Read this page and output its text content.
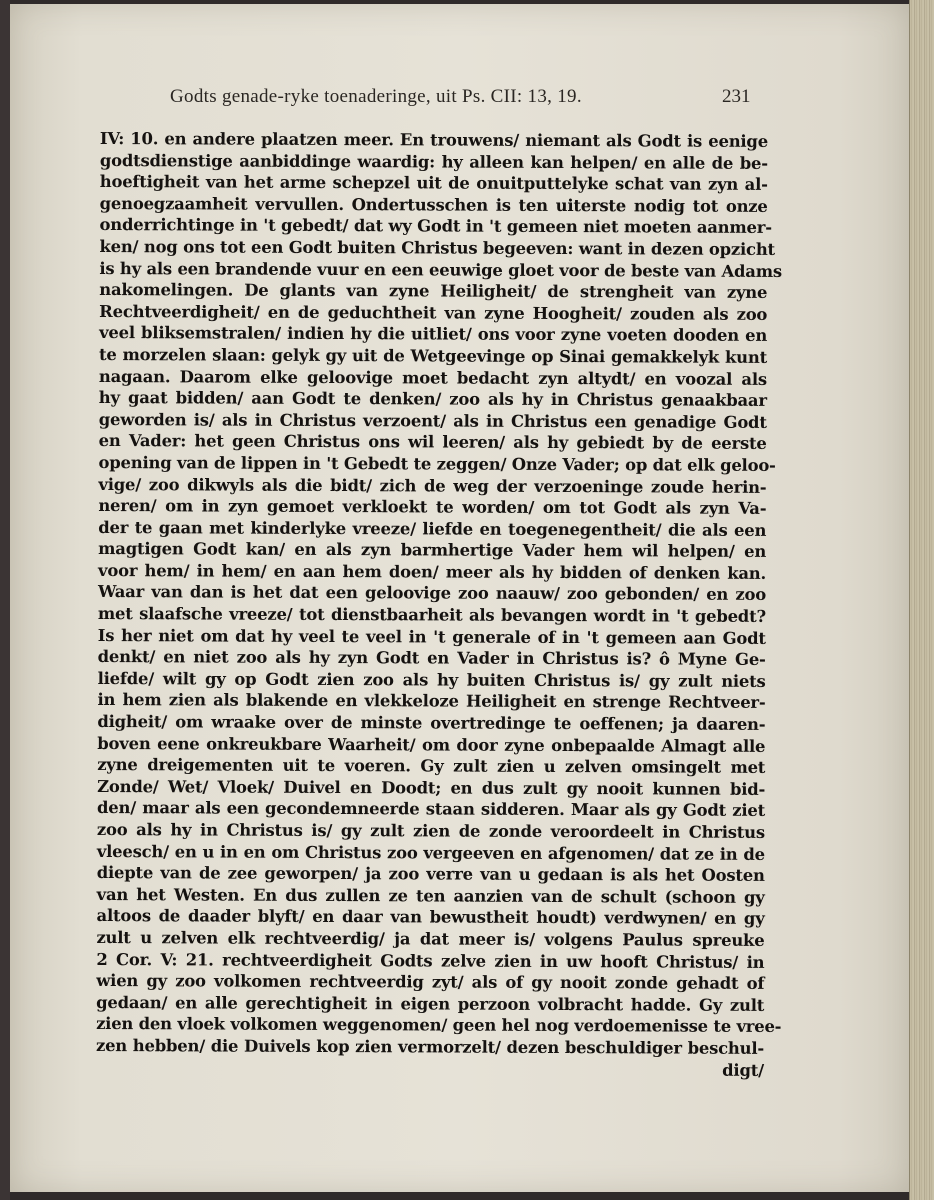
Godts genade-ryke toenaderinge, uit Ps. CII: 13, 19.	231
IV: 10. en andere plaatzen meer. En trouwens/ niemant als Godt is eenige
godtsdienstige aanbiddinge waardig: hy alleen kan helpen/ en alle de be-
hoeftigheit van het arme schepzel uit de onuitputtelyke schat van zyn al-
genoegzaamheit vervullen. Ondertusschen is ten uiterste nodig tot onze
onderrichtinge in 't gebedt/ dat wy Godt in 't gemeen niet moeten aanmer-
ken/ nog ons tot een Godt buiten Christus begeeven: want in dezen opzicht
is hy als een brandende vuur en een eeuwige gloet voor de beste van Adams
nakomelingen. De glants van zyne Heiligheit/ de strengheit van zyne
Rechtveerdigheit/ en de geduchtheit van zyne Hoogheit/ zouden als zoo
veel bliksemstralen/ indien hy die uitliet/ ons voor zyne voeten dooden en
te morzelen slaan: gelyk gy uit de Wetgeevinge op Sinai gemakkelyk kunt
nagaan. Daarom elke geloovige moet bedacht zyn altydt/ en voozal als
hy gaat bidden/ aan Godt te denken/ zoo als hy in Christus genaakbaar
geworden is/ als in Christus verzoent/ als in Christus een genadige Godt
en Vader: het geen Christus ons wil leeren/ als hy gebiedt by de eerste
opening van de lippen in 't Gebedt te zeggen/ Onze Vader; op dat elk geloo-
vige/ zoo dikwyls als die bidt/ zich de weg der verzoeninge zoude herin-
neren/ om in zyn gemoet verkloekt te worden/ om tot Godt als zyn Va-
der te gaan met kinderlyke vreeze/ liefde en toegenegentheit/ die als een
magtigen Godt kan/ en als zyn barmhertige Vader hem wil helpen/ en
voor hem/ in hem/ en aan hem doen/ meer als hy bidden of denken kan.
Waar van dan is het dat een geloovige zoo naauw/ zoo gebonden/ en zoo
met slaafsche vreeze/ tot dienstbaarheit als bevangen wordt in 't gebedt?
Is her niet om dat hy veel te veel in 't generale of in 't gemeen aan Godt
denkt/ en niet zoo als hy zyn Godt en Vader in Christus is? ô Myne Ge-
liefde/ wilt gy op Godt zien zoo als hy buiten Christus is/ gy zult niets
in hem zien als blakende en vlekkeloze Heiligheit en strenge Rechtveer-
digheit/ om wraake over de minste overtredinge te oeffenen; ja daaren-
boven eene onkreukbare Waarheit/ om door zyne onbepaalde Almagt alle
zyne dreigementen uit te voeren. Gy zult zien u zelven omsingelt met
Zonde/ Wet/ Vloek/ Duivel en Doodt; en dus zult gy nooit kunnen bid-
den/ maar als een gecondemneerde staan sidderen. Maar als gy Godt ziet
zoo als hy in Christus is/ gy zult zien de zonde veroordeelt in Christus
vleesch/ en u in en om Christus zoo vergeeven en afgenomen/ dat ze in de
diepte van de zee geworpen/ ja zoo verre van u gedaan is als het Oosten
van het Westen. En dus zullen ze ten aanzien van de schult (schoon gy
altoos de daader blyft/ en daar van bewustheit houdt) verdwynen/ en gy
zult u zelven elk rechtveerdig/ ja dat meer is/ volgens Paulus spreuke
2 Cor. V: 21. rechtveerdigheit Godts zelve zien in uw hooft Christus/ in
wien gy zoo volkomen rechtveerdig zyt/ als of gy nooit zonde gehadt of
gedaan/ en alle gerechtigheit in eigen perzoon volbracht hadde. Gy zult
zien den vloek volkomen weggenomen/ geen hel nog verdoemenisse te vree-
zen hebben/ die Duivels kop zien vermorzelt/ dezen beschuldiger beschul-
digt/
